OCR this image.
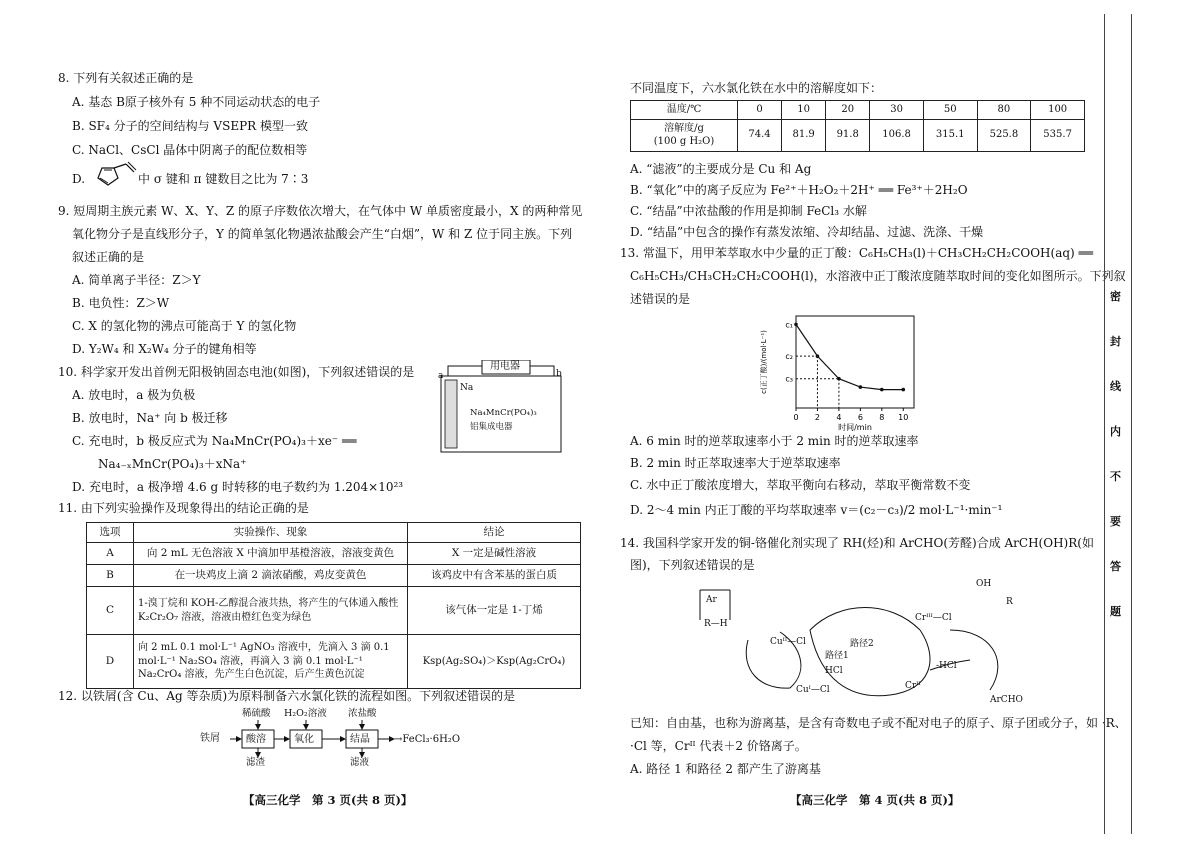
8. 下列有关叙述正确的是
A. 基态 B原子核外有 5 种不同运动状态的电子
B. SF₄ 分子的空间结构与 VSEPR 模型一致
C. NaCl、CsCl 晶体中阴离子的配位数相等
D.	中 σ 键和 π 键数目之比为 7∶3
9. 短周期主族元素 W、X、Y、Z 的原子序数依次增大，在气体中 W 单质密度最小，X 的两种常见
氧化物分子是直线形分子，Y 的简单氢化物遇浓盐酸会产生“白烟”，W 和 Z 位于同主族。下列
叙述正确的是
A. 简单离子半径：Z＞Y
B. 电负性：Z＞W
C. X 的氢化物的沸点可能高于 Y 的氢化物
D. Y₂W₄ 和 X₂W₄ 分子的键角相等
10. 科学家开发出首例无阳极钠固态电池(如图)，下列叙述错误的是
A. 放电时，a 极为负极
B. 放电时，Na⁺ 向 b 极迁移
C. 充电时，b 极反应式为 Na₄MnCr(PO₄)₃＋xe⁻ ══
Na₄₋ₓMnCr(PO₄)₃＋xNa⁺
D. 充电时，a 极净增 4.6 g 时转移的电子数约为 1.204×10²³
用电器
a	b
Na
Na₄MnCr(PO₄)₃
铝集成电器
11. 由下列实验操作及现象得出的结论正确的是
选项	实验操作、现象	结论
A	向 2 mL 无色溶液 X 中滴加甲基橙溶液，溶液变黄色	X 一定是碱性溶液
B	在一块鸡皮上滴 2 滴浓硝酸，鸡皮变黄色	该鸡皮中有含苯基的蛋白质
C	1-溴丁烷和 KOH-乙醇混合液共热，将产生的气体通入酸性 K₂Cr₂O₇ 溶液，溶液由橙红色变为绿色	该气体一定是 1-丁烯
D	向 2 mL 0.1 mol·L⁻¹ AgNO₃ 溶液中，先滴入 3 滴 0.1 mol·L⁻¹ Na₂SO₄ 溶液，再滴入 3 滴 0.1 mol·L⁻¹ Na₂CrO₄ 溶液，先产生白色沉淀，后产生黄色沉淀	Ksp(Ag₂SO₄)＞Ksp(Ag₂CrO₄)
12. 以铁屑(含 Cu、Ag 等杂质)为原料制备六水氯化铁的流程如图。下列叙述错误的是
铁屑	酸溶
稀硫酸
滤渣
氧化
H₂O₂溶液
结晶
浓盐酸
滤液
→FeCl₃·6H₂O
【高三化学　第 3 页(共 8 页)】
不同温度下，六水氯化铁在水中的溶解度如下：
温度/℃	0	10	20	30	50	80	100

溶解度/g
(100 g H₂O)	74.4	81.9	91.8	106.8	315.1	525.8	535.7
A. “滤液”的主要成分是 Cu 和 Ag
B. “氧化”中的离子反应为 Fe²⁺＋H₂O₂＋2H⁺ ══ Fe³⁺＋2H₂O
C. “结晶”中浓盐酸的作用是抑制 FeCl₃ 水解
D. “结晶”中包含的操作有蒸发浓缩、冷却结晶、过滤、洗涤、干燥
13. 常温下，用甲苯萃取水中少量的正丁酸：C₆H₅CH₃(l)＋CH₃CH₂CH₂COOH(aq) ══
C₆H₅CH₃/CH₃CH₂CH₂COOH(l)，水溶液中正丁酸浓度随萃取时间的变化如图所示。下列叙
述错误的是
0 2 4 6 8 10
c₁
c₂
c₃
时间/min
c(正丁酸)/(mol·L⁻¹)
A. 6 min 时的逆萃取速率小于 2 min 时的逆萃取速率
B. 2 min 时正萃取速率大于逆萃取速率
C. 水中正丁酸浓度增大，萃取平衡向右移动，萃取平衡常数不变
D. 2～4 min 内正丁酸的平均萃取速率 v＝(c₂－c₃)/2 mol·L⁻¹·min⁻¹
14. 我国科学家开发的铜-铬催化剂实现了 RH(烃)和 ArCHO(芳醛)合成 ArCH(OH)R(如
图)，下列叙述错误的是
Cuᴵᴵ—Cl
Cuᴵ—Cl
路径1
路径2
HCl
Crᴵᴵᴵ—Cl
Crᴵᴵ
ArCHO
-HCl
R—H
Ar
OH
R
已知：自由基，也称为游离基，是含有奇数电子或不配对电子的原子、原子团或分子，如 ·R、
·Cl 等，Crᴵᴵ 代表＋2 价铬离子。
A. 路径 1 和路径 2 都产生了游离基
【高三化学　第 4 页(共 8 页)】
密
封
线
内
不
要
答
题
